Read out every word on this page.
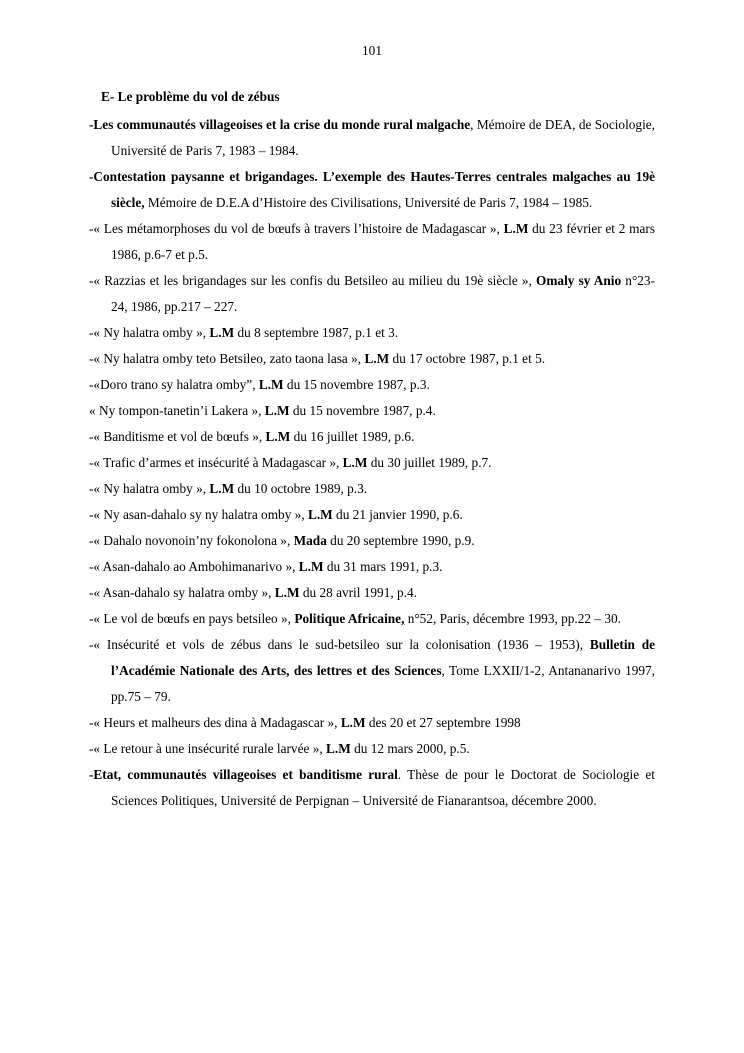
101
E- Le problème du vol de zébus
-Les communautés villageoises et la crise du monde rural malgache, Mémoire de DEA, de Sociologie, Université de Paris 7, 1983 – 1984.
-Contestation paysanne et brigandages. L’exemple des Hautes-Terres centrales malgaches au 19è siècle, Mémoire de D.E.A d’Histoire des Civilisations, Université de Paris 7, 1984 – 1985.
-« Les métamorphoses du vol de bœufs à travers l’histoire de Madagascar », L.M du 23 février et 2 mars 1986, p.6-7 et p.5.
-« Razzias et les brigandages sur les confis du Betsileo au milieu du 19è siècle », Omaly sy Anio n°23-24, 1986, pp.217 – 227.
-« Ny halatra omby », L.M du 8 septembre 1987, p.1 et 3.
-« Ny halatra omby teto Betsileo, zato taona lasa », L.M du 17 octobre 1987, p.1 et 5.
-«Doro trano sy halatra omby”, L.M du 15 novembre 1987, p.3.
« Ny tompon-tanetin’i Lakera », L.M du 15 novembre 1987, p.4.
-« Banditisme et vol de bœufs », L.M du 16 juillet 1989, p.6.
-« Trafic d’armes et insécurité à Madagascar », L.M du 30 juillet 1989, p.7.
-« Ny halatra omby », L.M du 10 octobre 1989, p.3.
-« Ny asan-dahalo sy ny halatra omby », L.M du 21 janvier 1990, p.6.
-« Dahalo novonoin’ny fokonolona », Mada du 20 septembre 1990, p.9.
-« Asan-dahalo ao Ambohimanarivo », L.M du 31 mars 1991, p.3.
-« Asan-dahalo sy halatra omby », L.M du 28 avril 1991, p.4.
-« Le vol de bœufs en pays betsileo », Politique Africaine, n°52, Paris, décembre 1993, pp.22 – 30.
-« Insécurité et vols de zébus dans le sud-betsileo sur la colonisation (1936 – 1953), Bulletin de l’Académie Nationale des Arts, des lettres et des Sciences, Tome LXXII/1-2, Antananarivo 1997, pp.75 – 79.
-« Heurs et malheurs des dina à Madagascar », L.M des 20 et 27 septembre 1998
-« Le retour à une insécurité rurale larvée », L.M du 12 mars 2000, p.5.
-Etat, communautés villageoises et banditisme rural. Thèse de pour le Doctorat de Sociologie et Sciences Politiques, Université de Perpignan – Université de Fianarantsoa, décembre 2000.
